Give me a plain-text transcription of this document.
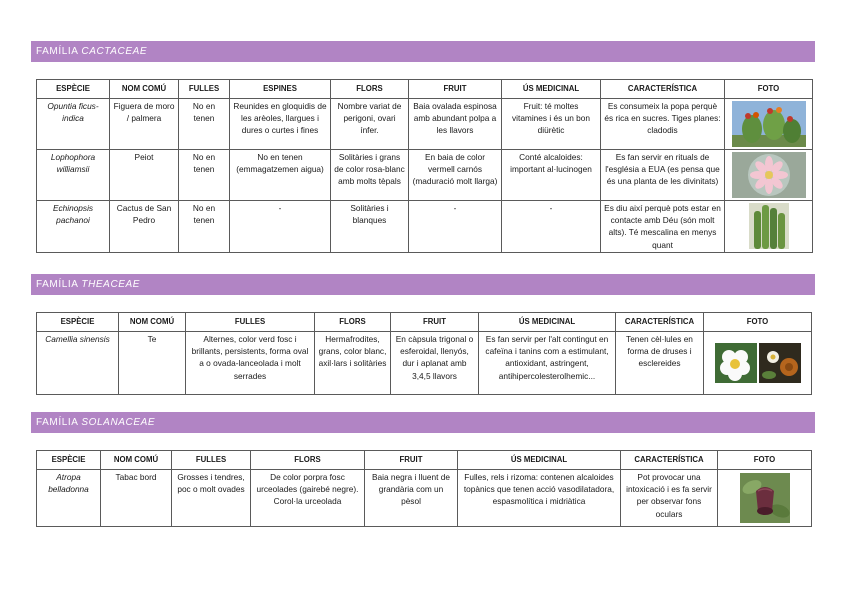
FAMÍLIA CACTACEAE
ESPÈCIE	NOM COMÚ	FULLES	ESPINES	FLORS	FRUIT	ÚS MEDICINAL	CARACTERÍSTICA	FOTO
Opuntia ficus-indica	Figuera de moro / palmera	No en tenen	Reunides en gloquidis de les arèoles, llargues i dures o curtes i fines	Nombre variat de perigoni, ovari ínfer.	Baia ovalada espinosa amb abundant polpa a les llavors	Fruit: té moltes vitamines i és un bon diürètic	Es consumeix la popa perquè és rica en sucres. Tiges planes: cladodis	

Lophophora williamsii	Peiot	No en tenen	No en tenen (emmagatzemen aigua)	Solitàries i grans de color rosa-blanc amb molts tèpals	En baia de color vermell carnós (maduració molt llarga)	Conté alcaloides: important al·lucinogen	Es fan servir en rituals de l'església a EUA (es pensa que és una planta de les divinitats)	

Echinopsis pachanoi	Cactus de San Pedro	No en tenen	-	Solitàries i blanques	-	-	Es diu així perquè pots estar en contacte amb Déu (són molt alts). Té mescalina en menys quant	
FAMÍLIA THEACEAE
ESPÈCIE	NOM COMÚ	FULLES	FLORS	FRUIT	ÚS MEDICINAL	CARACTERÍSTICA	FOTO
Camellia sinensis	Te	Alternes, color verd fosc i brillants, persistents, forma oval a o ovada-lanceolada i molt serrades	Hermafrodites, grans, color blanc, axil·lars i solitàries	En càpsula trigonal o esferoidal, llenyós, dur i aplanat amb 3,4,5 llavors	Es fan servir per l'alt contingut en cafeïna i tanins com a estimulant, antioxidant, astringent, antihipercolesterolhemic...	Tenen cèl·lules en forma de druses i esclereides	
FAMÍLIA SOLANACEAE
ESPÈCIE	NOM COMÚ	FULLES	FLORS	FRUIT	ÚS MEDICINAL	CARACTERÍSTICA	FOTO
Atropa belladonna	Tabac bord	Grosses i tendres, poc o molt ovades	De color porpra fosc urceolades (gairebé negre). Corol·la urceolada	Baia negra i lluent de grandària com un pèsol	Fulles, rels i rizoma: contenen alcaloides topànics que tenen acció vasodilatadora, espasmolítica i midriàtica	Pot provocar una intoxicació i es fa servir per observar fons oculars	
